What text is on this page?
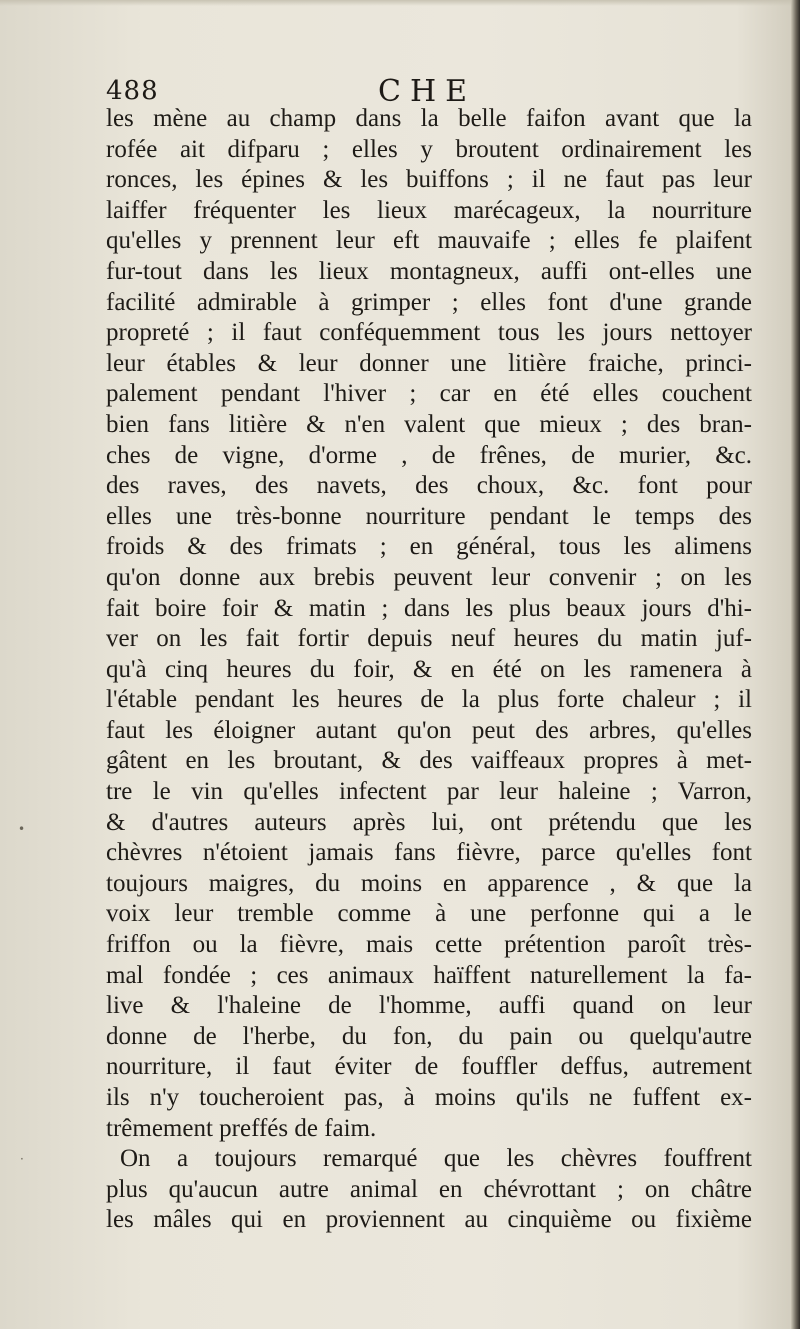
488	CHE
•
·
les mène au champ dans la belle faifon avant que la
rofée ait difparu ; elles y broutent ordinairement les
ronces, les épines & les buiffons ; il ne faut pas leur
laiffer fréquenter les lieux marécageux, la nourriture
qu'elles y prennent leur eft mauvaife ; elles fe plaifent
fur-tout dans les lieux montagneux, auffi ont-elles une
facilité admirable à grimper ; elles font d'une grande
propreté ; il faut conféquemment tous les jours nettoyer
leur étables & leur donner une litière fraiche, princi-
palement pendant l'hiver ; car en été elles couchent
bien fans litière & n'en valent que mieux ; des bran-
ches de vigne, d'orme , de frênes, de murier, &c.
des raves, des navets, des choux, &c. font pour
elles une très-bonne nourriture pendant le temps des
froids & des frimats ; en général, tous les alimens
qu'on donne aux brebis peuvent leur convenir ; on les
fait boire foir & matin ; dans les plus beaux jours d'hi-
ver on les fait fortir depuis neuf heures du matin juf-
qu'à cinq heures du foir, & en été on les ramenera à
l'étable pendant les heures de la plus forte chaleur ; il
faut les éloigner autant qu'on peut des arbres, qu'elles
gâtent en les broutant, & des vaiffeaux propres à met-
tre le vin qu'elles infectent par leur haleine ; Varron,
& d'autres auteurs après lui, ont prétendu que les
chèvres n'étoient jamais fans fièvre, parce qu'elles font
toujours maigres, du moins en apparence , & que la
voix leur tremble comme à une perfonne qui a le
friffon ou la fièvre, mais cette prétention paroît très-
mal fondée ; ces animaux haïffent naturellement la fa-
live & l'haleine de l'homme, auffi quand on leur
donne de l'herbe, du fon, du pain ou quelqu'autre
nourriture, il faut éviter de fouffler deffus, autrement
ils n'y toucheroient pas, à moins qu'ils ne fuffent ex-
trêmement preffés de faim.
On a toujours remarqué que les chèvres fouffrent
plus qu'aucun autre animal en chévrottant ; on châtre
les mâles qui en proviennent au cinquième ou fixième
